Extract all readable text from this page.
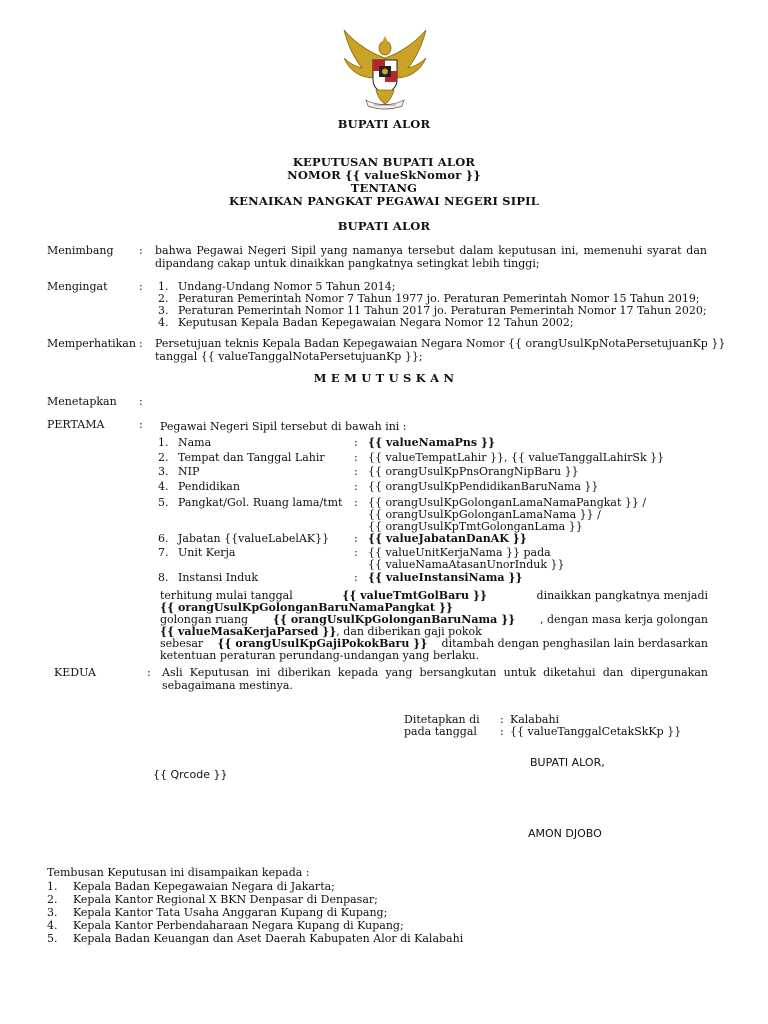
BUPATI ALOR
KEPUTUSAN BUPATI ALOR
NOMOR {{ valueSkNomor }}
TENTANG
KENAIKAN PANGKAT PEGAWAI NEGERI SIPIL
BUPATI ALOR
Menimbang : bahwa Pegawai Negeri Sipil yang namanya tersebut dalam keputusan ini, memenuhi syarat dan
dipandang cakap untuk dinaikkan pangkatnya setingkat lebih tinggi;
Mengingat	: 1. Undang-Undang Nomor 5 Tahun 2014;
2. Peraturan Pemerintah Nomor 7 Tahun 1977 jo. Peraturan Pemerintah Nomor 15 Tahun 2019;
3. Peraturan Pemerintah Nomor 11 Tahun 2017 jo. Peraturan Pemerintah Nomor 17 Tahun 2020;
4. Keputusan Kepala Badan Kepegawaian Negara Nomor 12 Tahun 2002;
Memperhatikan : Persetujuan teknis Kepala Badan Kepegawaian Negara Nomor {{ orangUsulKpNotaPersetujuanKp }}
tanggal {{ valueTanggalNotaPersetujuanKp }};
M E M U T U S K A N
Menetapkan :
PERTAMA	: Pegawai Negeri Sipil tersebut di bawah ini :
1. Nama	: {{ valueNamaPns }}
2. Tempat dan Tanggal Lahir	: {{ valueTempatLahir }}, {{ valueTanggalLahirSk }}
3. NIP	: {{ orangUsulKpPnsOrangNipBaru }}
4. Pendidikan	: {{ orangUsulKpPendidikanBaruNama }}
5. Pangkat/Gol. Ruang lama/tmt : {{ orangUsulKpGolonganLamaNamaPangkat }} /
{{ orangUsulKpGolonganLamaNama }} /
{{ orangUsulKpTmtGolonganLama }}
6. Jabatan {{valueLabelAK}} : {{ valueJabatanDanAK }}
7. Unit Kerja	: {{ valueUnitKerjaNama }} pada
{{ valueNamaAtasanUnorInduk }}
8. Instansi Induk	: {{ valueInstansiNama }}
terhitung mulai tanggal	{{ valueTmtGolBaru }}	dinaikkan pangkatnya menjadi
{{ orangUsulKpGolonganBaruNamaPangkat }}
golongan ruang {{ orangUsulKpGolonganBaruNama }} , dengan masa kerja golongan
{{ valueMasaKerjaParsed }}, dan diberikan gaji pokok
sebesar {{ orangUsulKpGajiPokokBaru }} ditambah dengan penghasilan lain berdasarkan
ketentuan peraturan perundang-undangan yang berlaku.
KEDUA	: Asli Keputusan ini diberikan kepada yang bersangkutan untuk diketahui dan dipergunakan
sebagaimana mestinya.
Ditetapkan di : Kalabahi
pada tanggal : {{ valueTanggalCetakSkKp }}
BUPATI ALOR,
{{ Qrcode }}
AMON DJOBO
Tembusan Keputusan ini disampaikan kepada :
1. Kepala Badan Kepegawaian Negara di Jakarta;
2. Kepala Kantor Regional X BKN Denpasar di Denpasar;
3. Kepala Kantor Tata Usaha Anggaran Kupang di Kupang;
4. Kepala Kantor Perbendaharaan Negara Kupang di Kupang;
5. Kepala Badan Keuangan dan Aset Daerah Kabupaten Alor di Kalabahi
